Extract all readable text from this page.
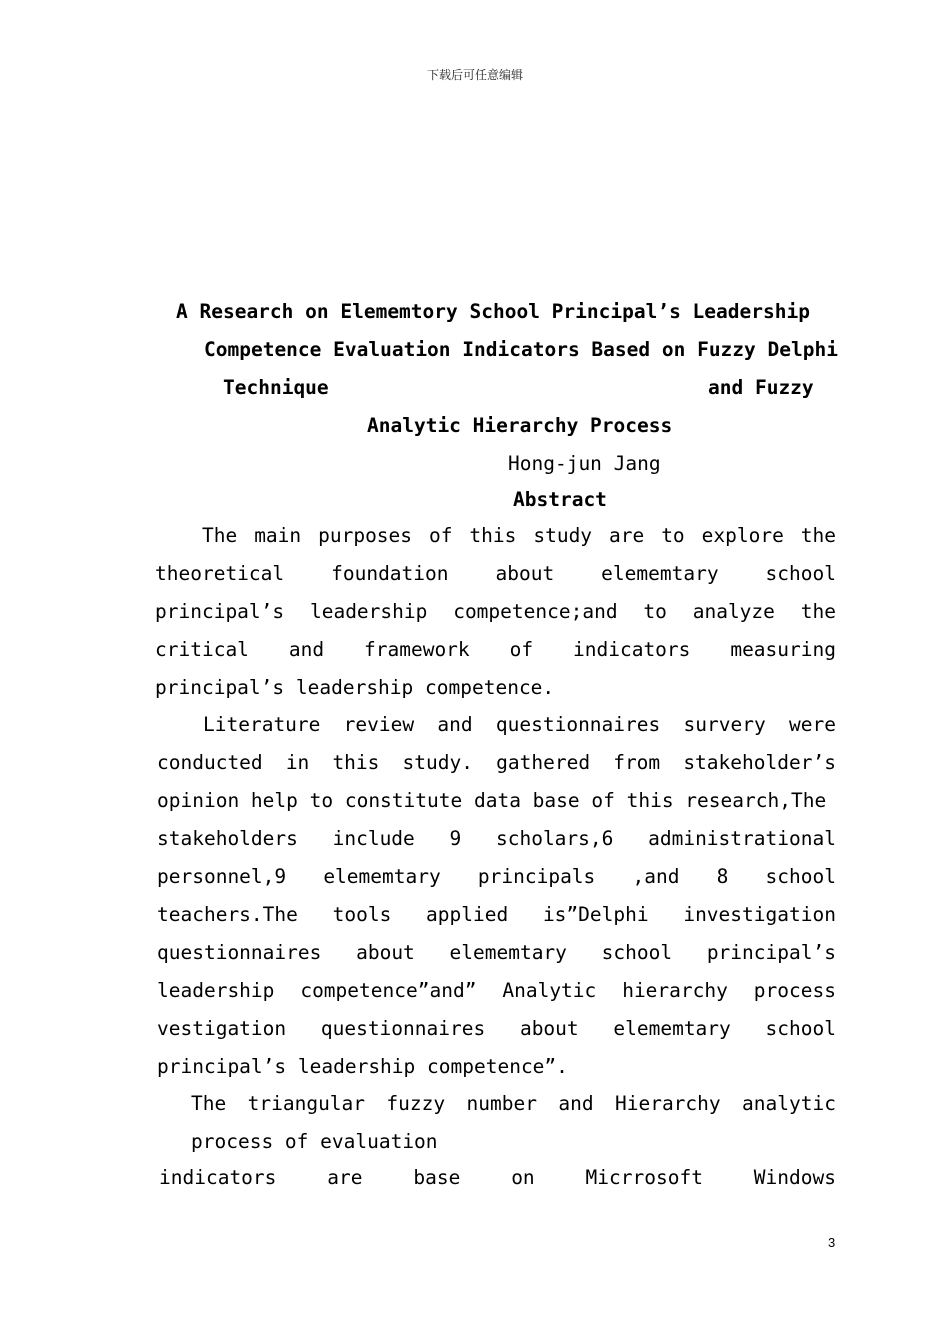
下载后可任意编辑
A Research on Elememtory School Principal’s Leadership
Competence Evaluation Indicators Based on Fuzzy Delphi
Technique	and Fuzzy
Analytic Hierarchy Process
Hong-jun Jang
Abstract
The main purposes of this study are to explore the
theoretical foundation about elememtary school
principal’s leadership competence;and to analyze the
critical and framework of indicators measuring
principal’s leadership competence.
Literature review and questionnaires survery were
conducted in this study. gathered from stakeholder’s
opinion help to constitute data base of this research,The
stakeholders include 9 scholars,6 administrational
personnel,9 elememtary principals ,and 8 school
teachers.The tools applied is”Delphi investigation
questionnaires about elememtary school principal’s
leadership competence”and” Analytic hierarchy process
vestigation questionnaires about elememtary school
principal’s leadership competence”.
The triangular fuzzy number and Hierarchy analytic
process of evaluation
indicators	are	base	on	Micrrosoft	Windows
3
